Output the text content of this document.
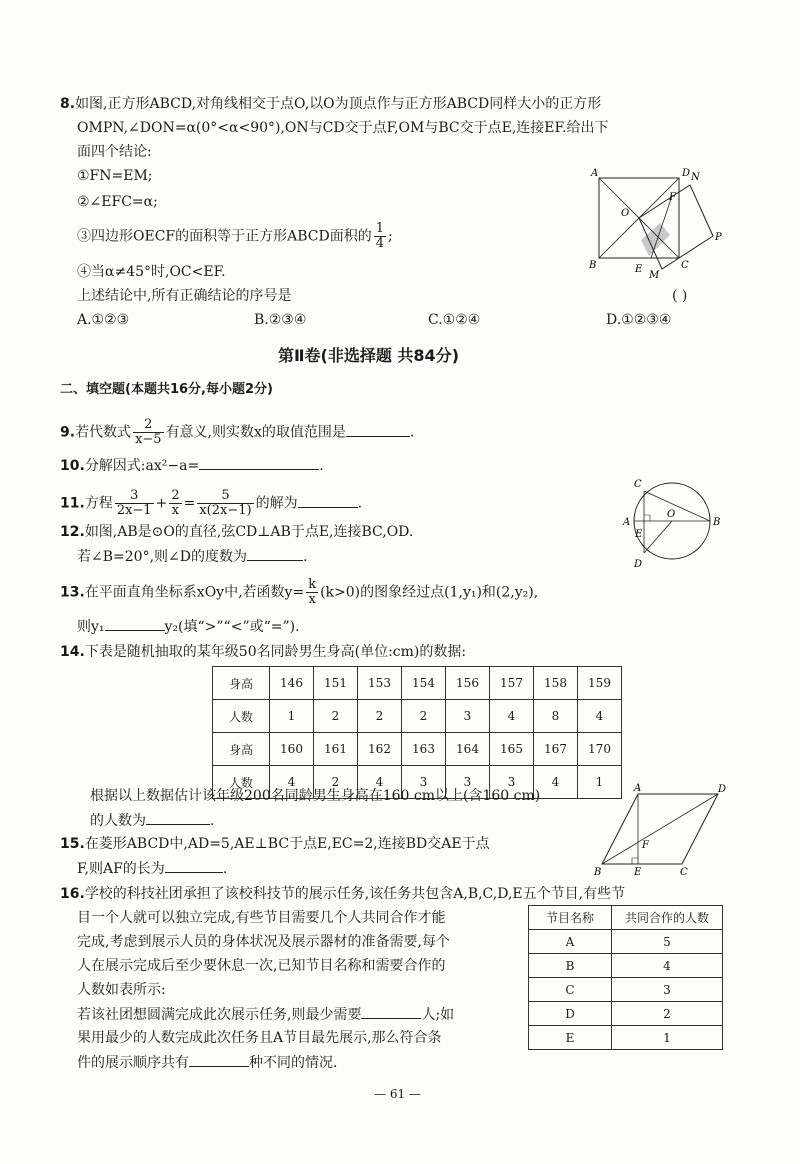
8.如图,正方形ABCD,对角线相交于点O,以O为顶点作与正方形ABCD同样大小的正方形
OMPN,∠DON=α(0°<α<90°),ON与CD交于点F,OM与BC交于点E,连接EF.给出下
面四个结论:
①FN=EM;
②∠EFC=α;
③四边形OECF的面积等于正方形ABCD面积的 $\frac{1}{4}$ ;
④当α≠45°时,OC<EF.
上述结论中,所有正确结论的序号是	( )
A.①②③	B.②③④	C.①②④	D.①②③④
A	D N
O
F
B	E	C
P
M
第Ⅱ卷(非选择题 共84分)
二、填空题(本题共16分,每小题2分)
9.若代数式 $\frac{2}{x-5}$ 有意义,则实数x的取值范围是	.
10.分解因式:ax²−a=	.
11.方程 $\frac{3}{2x-1} + \frac{2}{x} = \frac{5}{x(2x-1)}$ 的解为	.
12.如图,AB是⊙O的直径,弦CD⊥AB于点E,连接BC,OD.
若∠B=20°,则∠D的度数为	.
C
A
E
O
B
D
13.在平面直角坐标系xOy中,若函数$y= \frac{k}{x} (k>0)$的图象经过点(1,y₁)和(2,y₂),
则y₁	y₂(填“>”“<”或“=”).
14.下表是随机抽取的某年级50名同龄男生身高(单位:cm)的数据:
身高	146	151	153	154	156	157	158	159
人数	1	2	2	2	3	4	8	4
身高	160	161	162	163	164	165	167	170
人数	4	2	4	3	3	3	4	1
根据以上数据估计该年级200名同龄男生身高在160 cm以上(含160 cm)
的人数为	.
15.在菱形ABCD中,AD=5,AE⊥BC于点E,EC=2,连接BD交AE于点
F,则AF的长为	.
A	D
F
B	E	C
16.学校的科技社团承担了该校科技节的展示任务,该任务共包含A,B,C,D,E五个节目,有些节
目一个人就可以独立完成,有些节目需要几个人共同合作才能
完成,考虑到展示人员的身体状况及展示器材的准备需要,每个
人在展示完成后至少要休息一次,已知节目名称和需要合作的
人数如表所示:
若该社团想圆满完成此次展示任务,则最少需要	人;如
果用最少的人数完成此次任务且A节目最先展示,那么符合条
件的展示顺序共有	种不同的情况.
节目名称	共同合作的人数
A	5
B	4
C	3
D	2
E	1
— 61 —
